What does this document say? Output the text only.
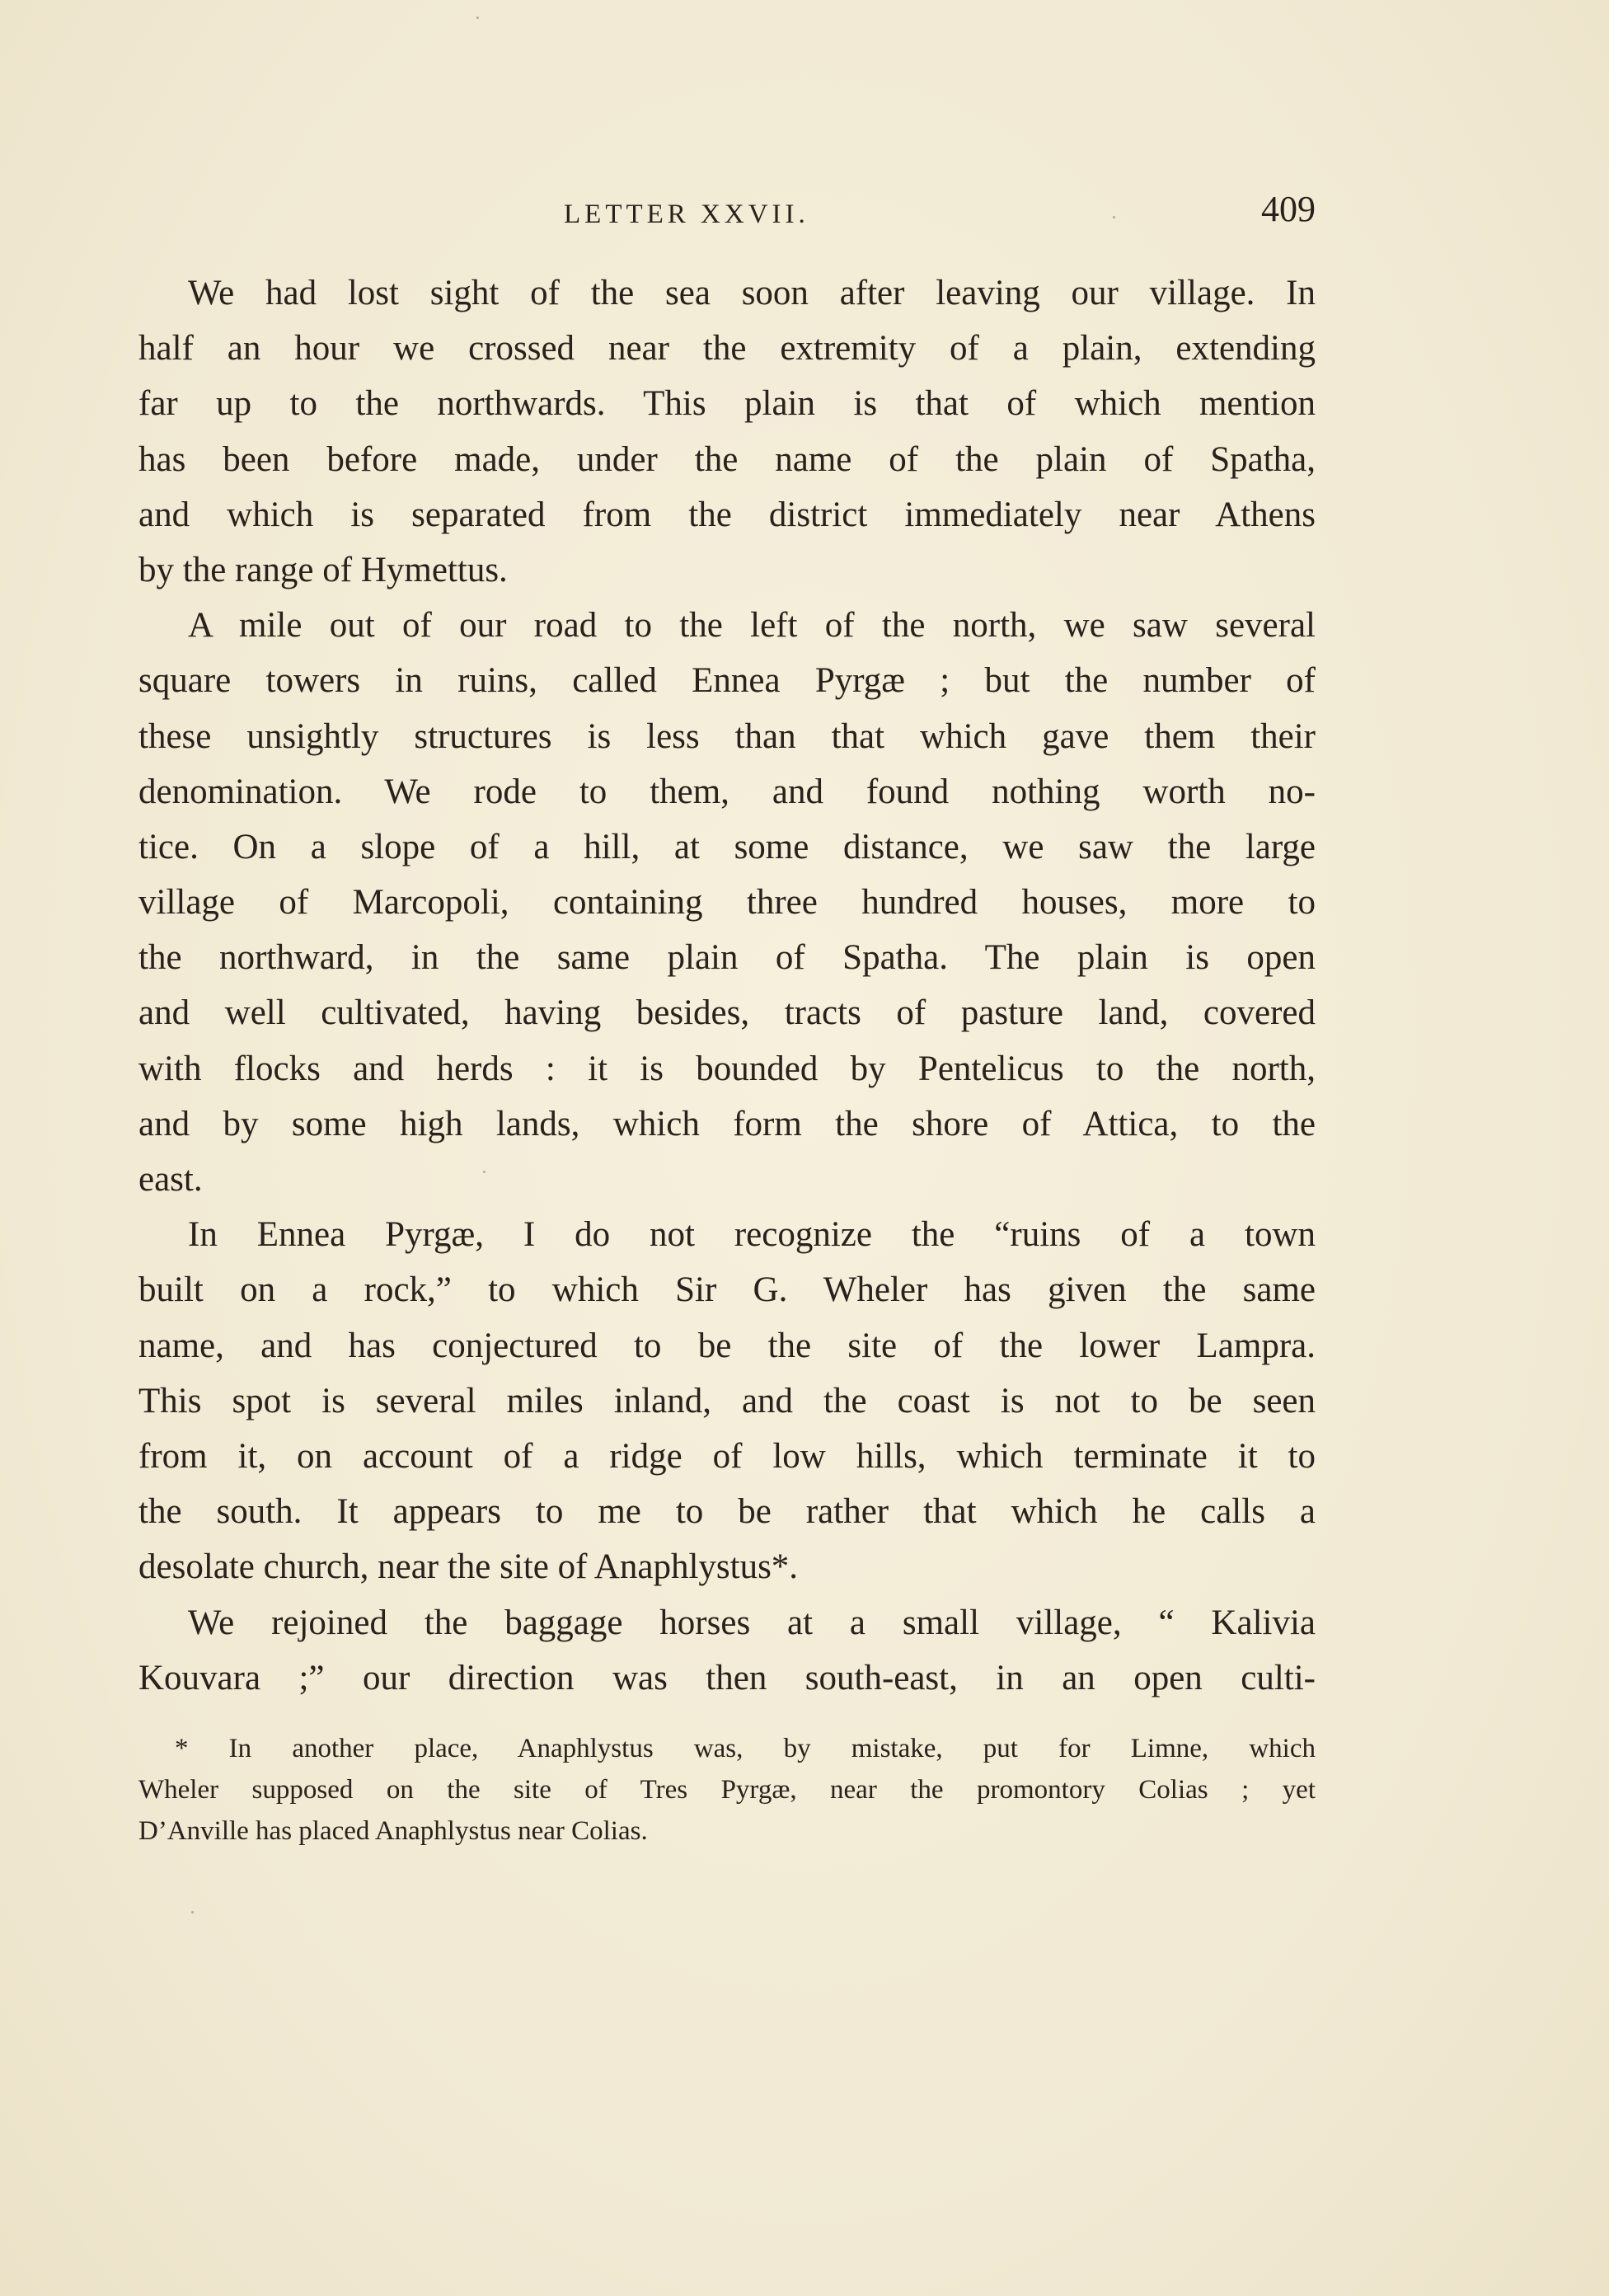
LETTER XXVII.	409
We had lost sight of the sea soon after leaving our village. In
half an hour we crossed near the extremity of a plain, extending
far up to the northwards. This plain is that of which mention
has been before made, under the name of the plain of Spatha,
and which is separated from the district immediately near Athens
by the range of Hymettus.
A mile out of our road to the left of the north, we saw several
square towers in ruins, called Ennea Pyrgæ ; but the number of
these unsightly structures is less than that which gave them their
denomination. We rode to them, and found nothing worth no-
tice. On a slope of a hill, at some distance, we saw the large
village of Marcopoli, containing three hundred houses, more to
the northward, in the same plain of Spatha. The plain is open
and well cultivated, having besides, tracts of pasture land, covered
with flocks and herds : it is bounded by Pentelicus to the north,
and by some high lands, which form the shore of Attica, to the
east.
In Ennea Pyrgæ, I do not recognize the “ruins of a town
built on a rock,” to which Sir G. Wheler has given the same
name, and has conjectured to be the site of the lower Lampra.
This spot is several miles inland, and the coast is not to be seen
from it, on account of a ridge of low hills, which terminate it to
the south. It appears to me to be rather that which he calls a
desolate church, near the site of Anaphlystus*.
We rejoined the baggage horses at a small village, “ Kalivia
Kouvara ;” our direction was then south-east, in an open culti-
* In another place, Anaphlystus was, by mistake, put for Limne, which
Wheler supposed on the site of Tres Pyrgæ, near the promontory Colias ; yet
D’Anville has placed Anaphlystus near Colias.
